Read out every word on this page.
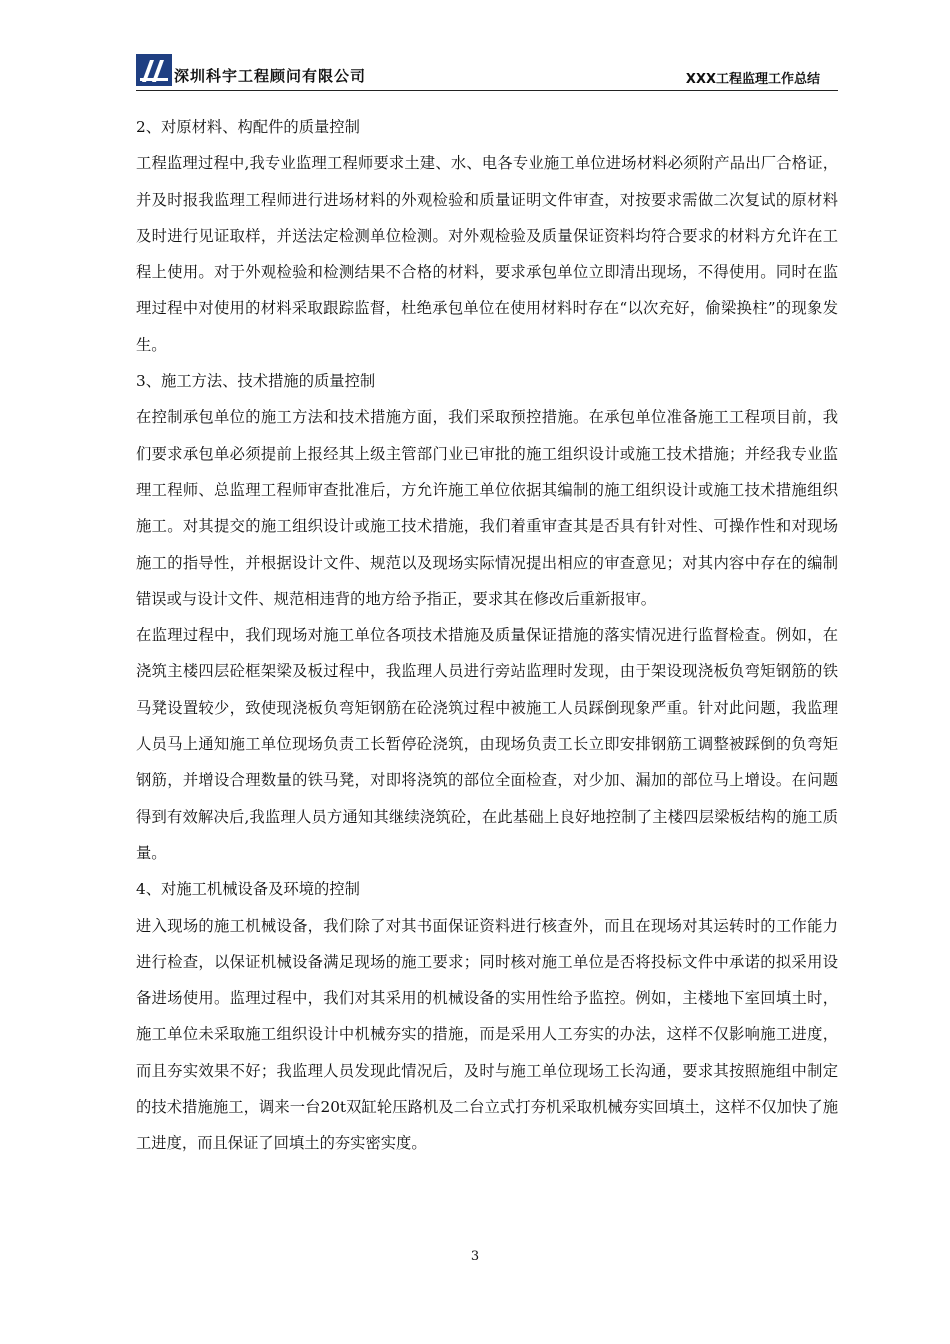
深圳科宇工程顾问有限公司	XXX工程监理工作总结

2、对原材料、构配件的质量控制

工程监理过程中,我专业监理工程师要求土建、水、电各专业施工单位进场材料必须附产品出厂合格证，并及时报我监理工程师进行进场材料的外观检验和质量证明文件审查，对按要求需做二次复试的原材料及时进行见证取样，并送法定检测单位检测。对外观检验及质量保证资料均符合要求的材料方允许在工程上使用。对于外观检验和检测结果不合格的材料，要求承包单位立即清出现场，不得使用。同时在监理过程中对使用的材料采取跟踪监督，杜绝承包单位在使用材料时存在“以次充好，偷梁换柱”的现象发生。

3、施工方法、技术措施的质量控制

在控制承包单位的施工方法和技术措施方面，我们采取预控措施。在承包单位准备施工工程项目前，我们要求承包单必须提前上报经其上级主管部门业已审批的施工组织设计或施工技术措施；并经我专业监理工程师、总监理工程师审查批准后，方允许施工单位依据其编制的施工组织设计或施工技术措施组织施工。对其提交的施工组织设计或施工技术措施，我们着重审查其是否具有针对性、可操作性和对现场施工的指导性，并根据设计文件、规范以及现场实际情况提出相应的审查意见；对其内容中存在的编制错误或与设计文件、规范相违背的地方给予指正，要求其在修改后重新报审。

在监理过程中，我们现场对施工单位各项技术措施及质量保证措施的落实情况进行监督检查。例如，在浇筑主楼四层砼框架梁及板过程中，我监理人员进行旁站监理时发现，由于架设现浇板负弯矩钢筋的铁马凳设置较少，致使现浇板负弯矩钢筋在砼浇筑过程中被施工人员踩倒现象严重。针对此问题，我监理人员马上通知施工单位现场负责工长暂停砼浇筑，由现场负责工长立即安排钢筋工调整被踩倒的负弯矩钢筋，并增设合理数量的铁马凳，对即将浇筑的部位全面检查，对少加、漏加的部位马上增设。在问题得到有效解决后,我监理人员方通知其继续浇筑砼，在此基础上良好地控制了主楼四层梁板结构的施工质量。

4、对施工机械设备及环境的控制

进入现场的施工机械设备，我们除了对其书面保证资料进行核查外，而且在现场对其运转时的工作能力进行检查，以保证机械设备满足现场的施工要求；同时核对施工单位是否将投标文件中承诺的拟采用设备进场使用。监理过程中，我们对其采用的机械设备的实用性给予监控。例如，主楼地下室回填土时，施工单位未采取施工组织设计中机械夯实的措施，而是采用人工夯实的办法，这样不仅影响施工进度，而且夯实效果不好；我监理人员发现此情况后，及时与施工单位现场工长沟通，要求其按照施组中制定的技术措施施工，调来一台20t双缸轮压路机及二台立式打夯机采取机械夯实回填土，这样不仅加快了施工进度，而且保证了回填土的夯实密实度。

3
